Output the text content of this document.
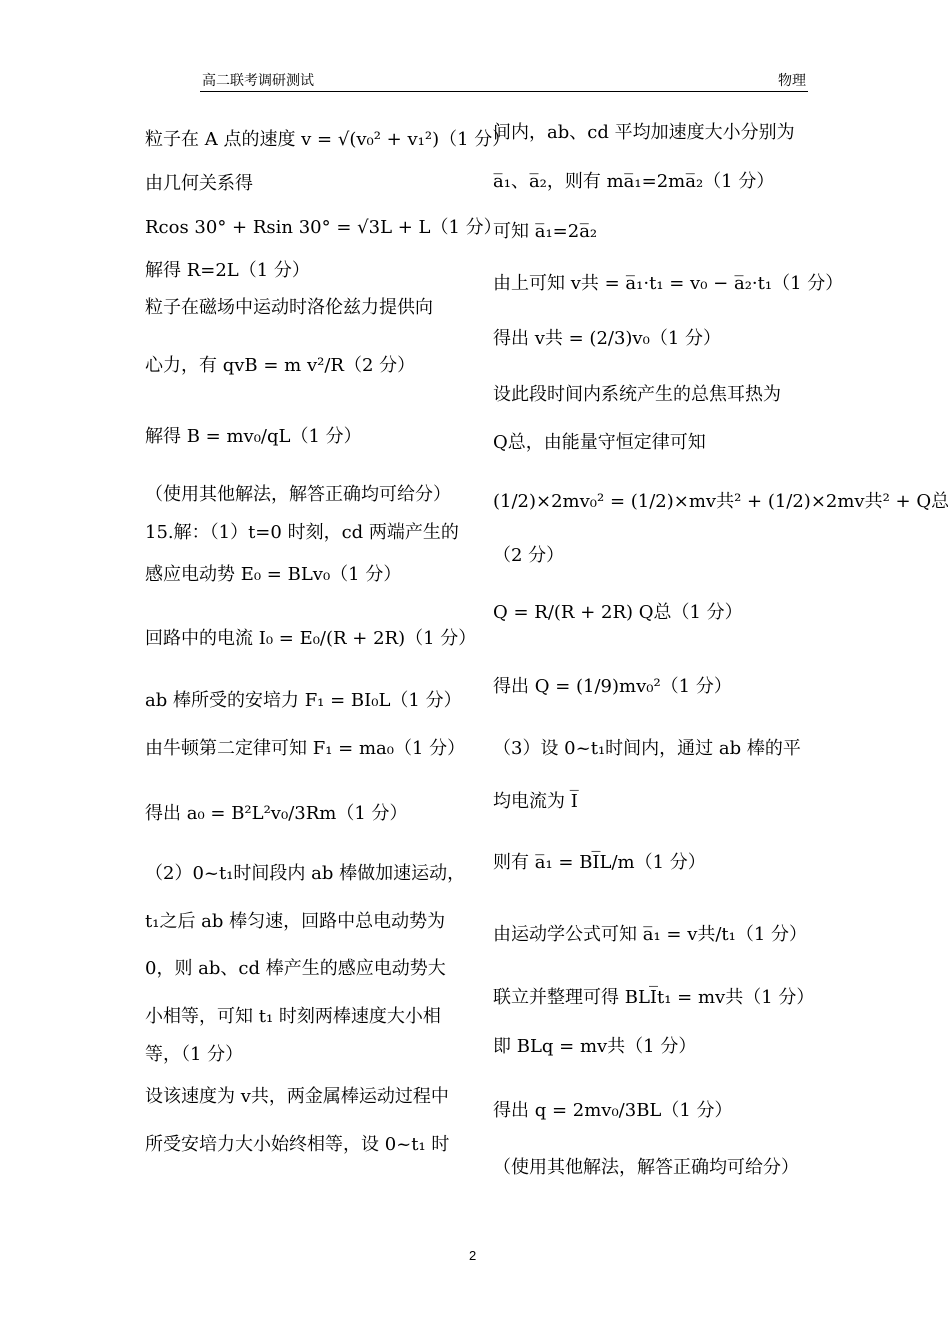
高二联考调研测试	物理
粒子在 A 点的速度 v = √(v₀² + v₁²)（1 分）
由几何关系得
Rcos 30° + Rsin 30° = √3L + L（1 分）
解得 R=2L（1 分）
粒子在磁场中运动时洛伦兹力提供向
心力，有 qvB = m v²/R（2 分）
解得 B = mv₀/qL（1 分）
（使用其他解法，解答正确均可给分）
15.解：（1）t=0 时刻，cd 两端产生的
感应电动势 E₀ = BLv₀（1 分）
回路中的电流 I₀ = E₀/(R + 2R)（1 分）
ab 棒所受的安培力 F₁ = BI₀L（1 分）
由牛顿第二定律可知 F₁ = ma₀（1 分）
得出 a₀ = B²L²v₀/3Rm（1 分）
（2）0~t₁时间段内 ab 棒做加速运动，
t₁之后 ab 棒匀速，回路中总电动势为
0，则 ab、cd 棒产生的感应电动势大
小相等，可知 t₁ 时刻两棒速度大小相
等，（1 分）
设该速度为 v共，两金属棒运动过程中
所受安培力大小始终相等，设 0~t₁ 时
间内，ab、cd 平均加速度大小分别为
a̅₁、a̅₂，则有 ma̅₁=2ma̅₂（1 分）
可知 a̅₁=2a̅₂
由上可知 v共 = a̅₁·t₁ = v₀ − a̅₂·t₁（1 分）
得出 v共 = (2/3)v₀（1 分）
设此段时间内系统产生的总焦耳热为
Q总，由能量守恒定律可知
(1/2)×2mv₀² = (1/2)×mv共² + (1/2)×2mv共² + Q总
（2 分）
Q = R/(R + 2R) Q总（1 分）
得出 Q = (1/9)mv₀²（1 分）
（3）设 0~t₁时间内，通过 ab 棒的平
均电流为 I̅
则有 a̅₁ = BI̅L/m（1 分）
由运动学公式可知 a̅₁ = v共/t₁（1 分）
联立并整理可得 BLI̅t₁ = mv共（1 分）
即 BLq = mv共（1 分）
得出 q = 2mv₀/3BL（1 分）
（使用其他解法，解答正确均可给分）
2
